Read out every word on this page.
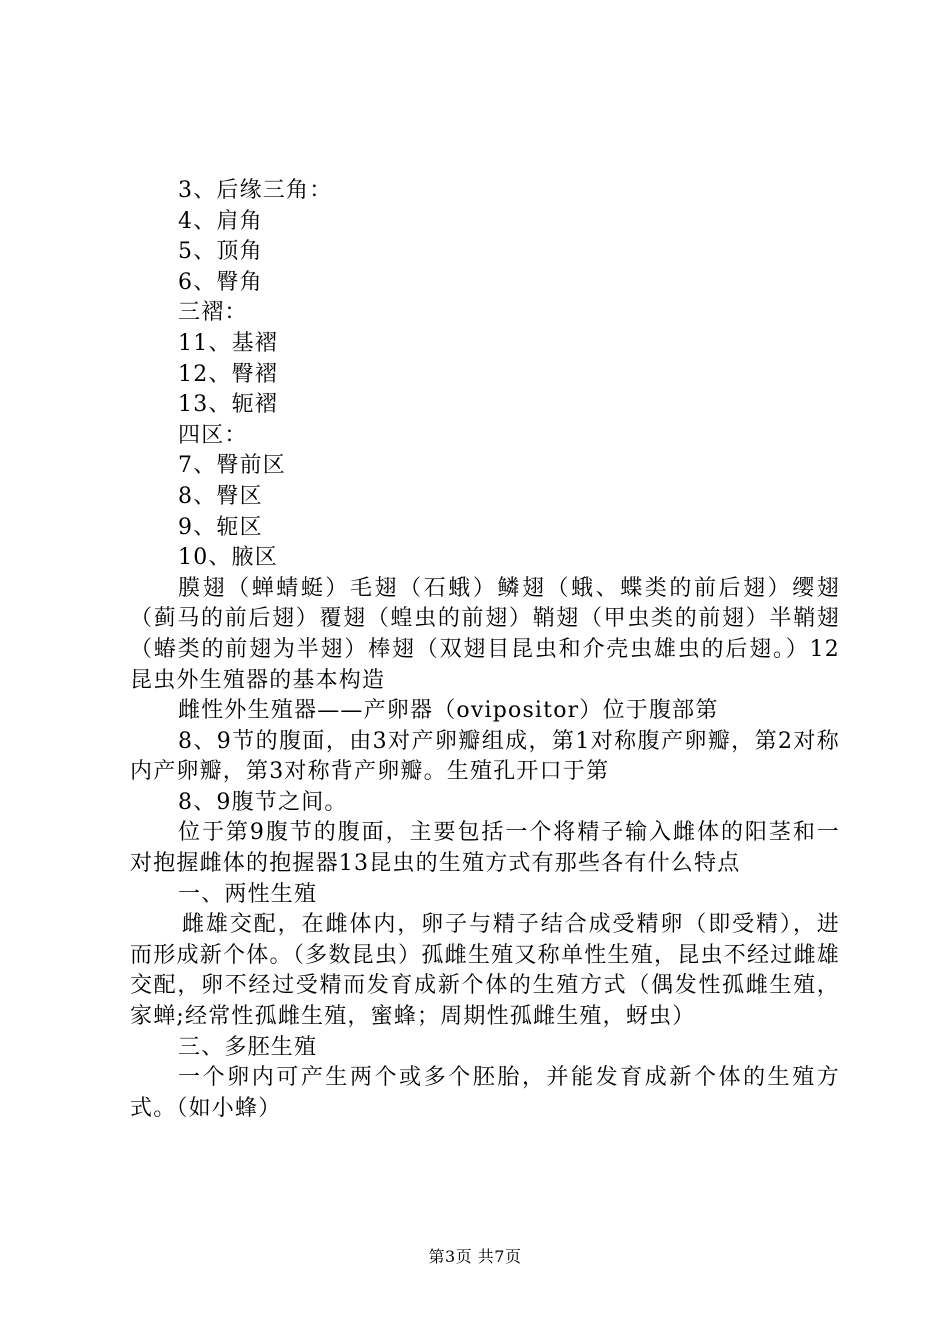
3、后缘三角：

4、肩角

5、顶角

6、臀角

三褶：

11、基褶

12、臀褶

13、轭褶

四区：

7、臀前区

8、臀区

9、轭区

10、腋区

膜翅（蝉蜻蜓）毛翅（石蛾）鳞翅（蛾、蝶类的前后翅）缨翅（蓟马的前后翅）覆翅（蝗虫的前翅）鞘翅（甲虫类的前翅）半鞘翅（蝽类的前翅为半翅）棒翅（双翅目昆虫和介壳虫雄虫的后翅。）12昆虫外生殖器的基本构造

雌性外生殖器——产卵器（ovipositor）位于腹部第

8、9节的腹面，由3对产卵瓣组成，第1对称腹产卵瓣，第2对称内产卵瓣，第3对称背产卵瓣。生殖孔开口于第

8、9腹节之间。

位于第9腹节的腹面，主要包括一个将精子输入雌体的阳茎和一对抱握雌体的抱握器13昆虫的生殖方式有那些各有什么特点

一、两性生殖

雌雄交配，在雌体内，卵子与精子结合成受精卵（即受精），进而形成新个体。（多数昆虫）孤雌生殖又称单性生殖，昆虫不经过雌雄交配，卵不经过受精而发育成新个体的生殖方式（偶发性孤雌生殖，家蝉;经常性孤雌生殖，蜜蜂；周期性孤雌生殖，蚜虫）

三、多胚生殖

一个卵内可产生两个或多个胚胎，并能发育成新个体的生殖方式。（如小蜂）

第3页 共7页
